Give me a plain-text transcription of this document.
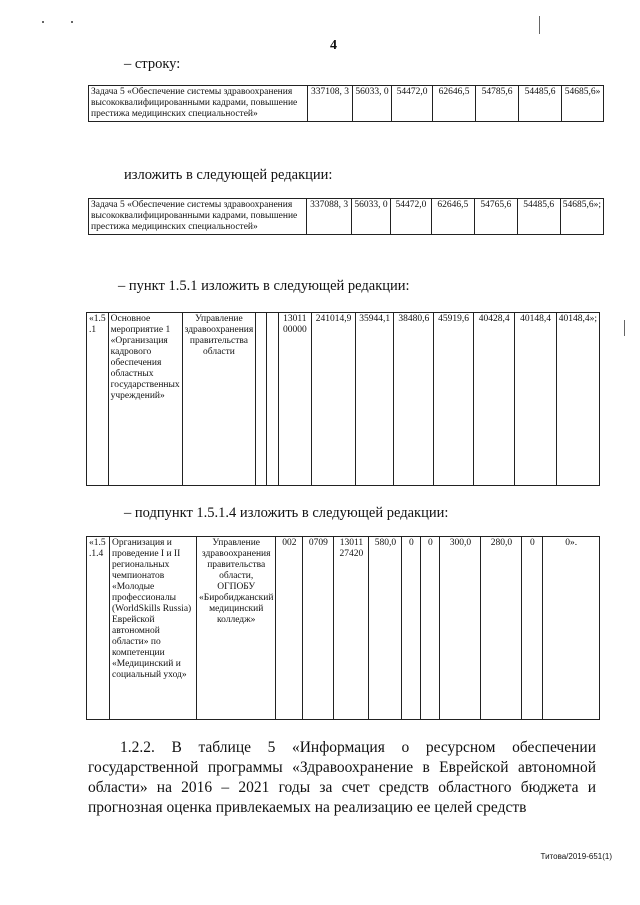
4
– строку:
Задача 5 «Обеспечение системы здравоохранения высококвалифицированными кадрами, повышение престижа медицинских специальностей»	337108, 3	56033, 0	54472,0	62646,5	54785,6	54485,6	54685,6»
изложить в следующей редакции:
Задача 5 «Обеспечение системы здравоохранения высококвалифицированными кадрами, повышение престижа медицинских специальностей»	337088, 3	56033, 0	54472,0	62646,5	54765,6	54485,6	54685,6»;
– пункт 1.5.1 изложить в следующей редакции:
«1.5 .1	Основное мероприятие 1 «Организация кадрового обеспечения областных государственных учреждений»	Управление здравоохранения правительства области			13011 00000	241014,9	35944,1	38480,6	45919,6	40428,4	40148,4	40148,4»;
– подпункт 1.5.1.4 изложить в следующей редакции:
«1.5 .1.4	Организация и проведение I и II региональных чемпионатов «Молодые профессионалы (WorldSkills Russia) Еврейской автономной области» по компетенции «Медицинский и социальный уход»	Управление здравоохранения правительства области, ОГПОБУ «Биробиджанский медицинский колледж»	002	0709	13011 27420	580,0	0	0	300,0	280,0	0	0».
1.2.2. В таблице 5 «Информация о ресурсном обеспечении государственной программы «Здравоохранение в Еврейской автономной области» на 2016 – 2021 годы за счет средств областного бюджета и прогнозная оценка привлекаемых на реализацию ее целей средств
Титова/2019-651(1)
